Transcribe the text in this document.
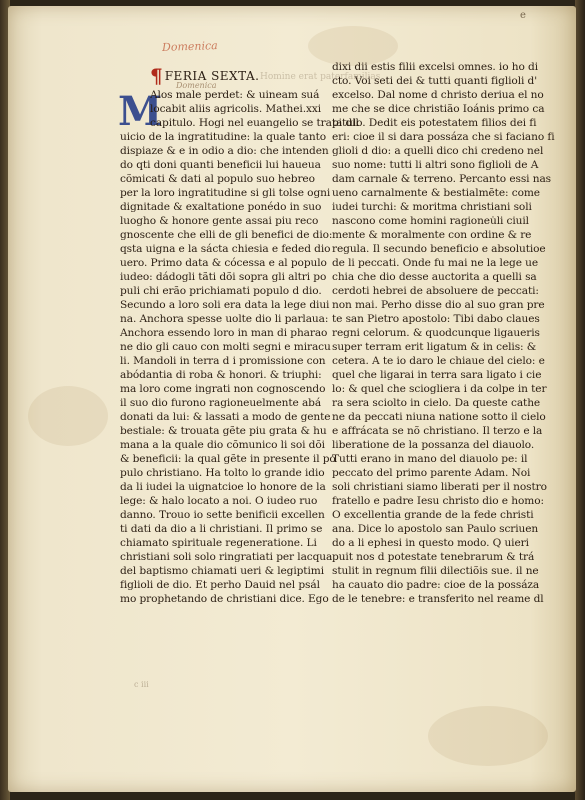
e
Domenica
Homine erat paterfamilias
¶ FERIA SEXTA.
Domenica
M
Alos male perdet: & uineam suá
locabit aliis agricolis. Mathei.xxi
capitulo. Hogi nel euangelio se trata dil
uicio de la ingratitudine: la quale tanto
dispiaze & e in odio a dio: che intenden
do qti doni quanti beneficii lui haueua
cõmicati & dati al populo suo hebreo
per la loro ingratitudine si gli tolse ogni
dignitade & exaltatione ponédo in suo
luogho & honore gente assai piu reco
gnoscente che elli de gli benefici de dio:
qsta uigna e la sácta chiesia e feded dio
uero. Primo data & cócessa e al populo
iudeo: dádogli tãti dõi sopra gli altri po
puli chi erão prichiamati populo d dio.
Secundo a loro soli era data la lege diui
na. Anchora spesse uolte dio li parlaua:
Anchora essendo loro in man di pharao
ne dio gli cauo con molti segni e miracu
li. Mandoli in terra d i promissione con
abódantia di roba & honori. & triuphi:
ma loro come ingrati non cognoscendo
il suo dio furono ragioneuelmente abá
donati da lui: & lassati a modo de gente
bestiale: & trouata gẽte piu grata & hu
mana a la quale dio cõmunico li soi dõi
& beneficii: la qual gẽte in presente il po
pulo christiano. Ha tolto lo grande idio
da li iudei la uignatcioe lo honore de la
lege: & halo locato a noi. O iudeo ruo
danno. Trouo io sette benificii excellen
ti dati da dio a li christiani. Il primo se
chiamato spirituale regeneratione. Li
christiani soli solo ringratiati per lacqua
del baptismo chiamati ueri & legiptimi
figlioli de dio. Et perho Dauid nel psál
mo prophetando de christiani dice. Ego
dixi dii estis filii excelsi omnes. io ho di
cto. Voi seti dei & tutti quanti figlioli d'
excelso. Dal nome d christo deriua el no
me che se dice christião Ioánis primo ca
pitulo. Dedit eis potestatem filios dei fi
eri: cioe il si dara possáza che si faciano fi
glioli d dio: a quelli dico chi credeno nel
suo nome: tutti li altri sono figlioli de A
dam carnale & terreno. Percanto essi nas
ueno carnalmente & bestialmẽte: come
iudei turchi: & moritma christiani soli
nascono come homini ragioneu̇li ciuil
mente & moralmente con ordine & re
regula. Il secundo beneficio e absolutioe
de li peccati. Onde fu mai ne la lege ue
chia che dio desse auctorita a quelli sa
cerdoti hebrei de absoluere de peccati:
non mai. Perho disse dio al suo gran pre
te san Pietro apostolo: Tibi dabo claues
regni celorum. & quodcunque ligaueris
super terram erit ligatum & in celis: &
cetera. A te io daro le chiaue del cielo: e
quel che ligarai in terra sara ligato i cie
lo: & quel che sciogliera i da colpe in ter
ra sera sciolto in cielo. Da queste cathe
ne da peccati niuna natione sotto il cielo
e affrácata se nõ christiano. Il terzo e la
liberatione de la possanza del diauolo.
Tutti erano in mano del diauolo pe: il
peccato del primo parente Adam. Noi
soli christiani siamo liberati per il nostro
fratello e padre Iesu christo dio e homo:
O excellentia grande de la fede christi
ana. Dice lo apostolo san Paulo scriuen
do a li ephesi in questo modo. Q uieri
puit nos d potestate tenebrarum & trá
stulit in regnum filii dilectiõis sue. il ne
ha cauato dio padre: cioe de la possáza
de le tenebre: e transferito nel reame dl
c iii
